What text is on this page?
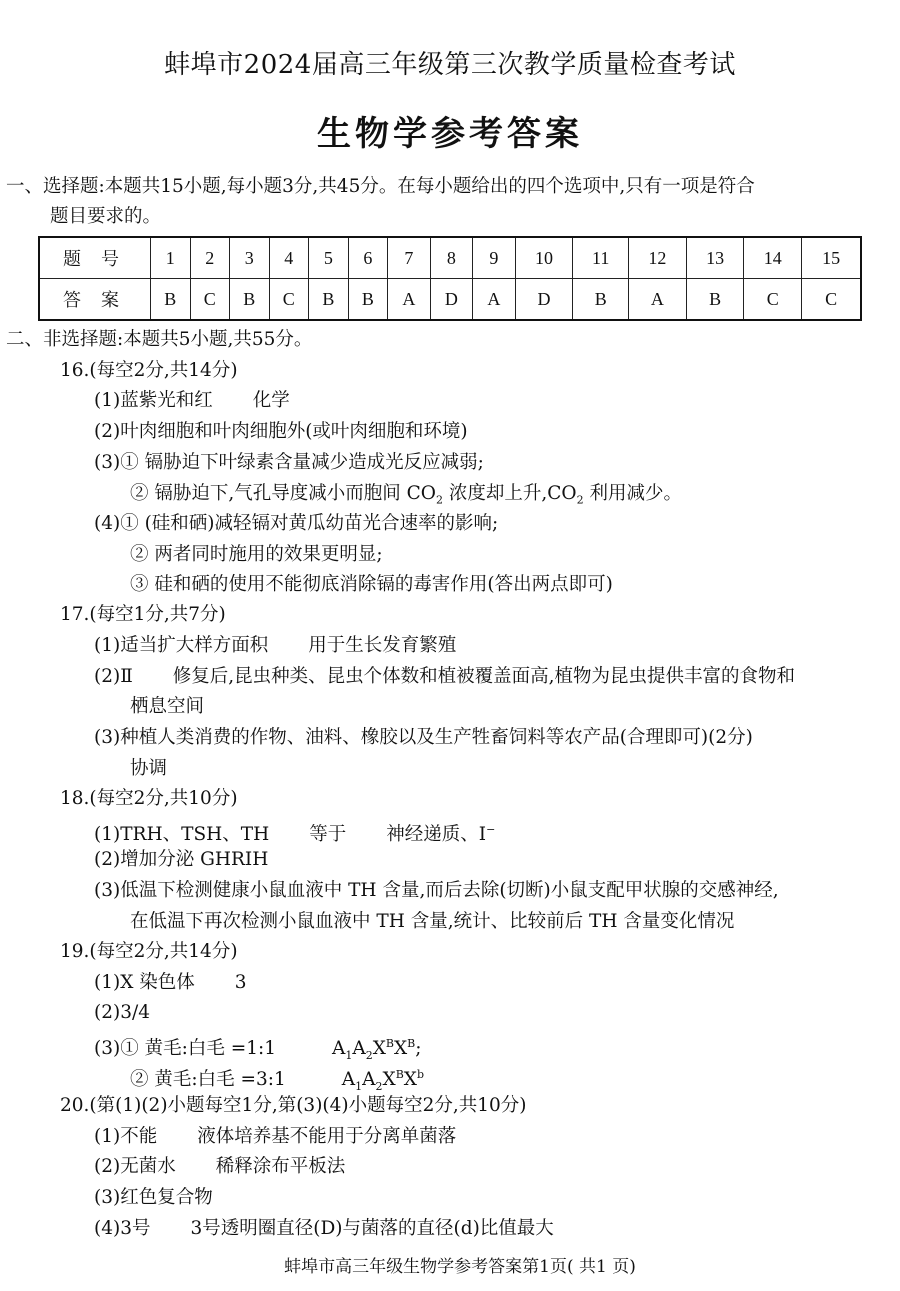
蚌埠市2024届高三年级第三次教学质量检查考试
生物学参考答案
一、选择题:本题共15小题,每小题3分,共45分。在每小题给出的四个选项中,只有一项是符合
题目要求的。
题号	1	2	3	4	5	6	7	8	9	10	11	12	13	14	15
答案	B	C	B	C	B	B	A	D	A	D	B	A	B	C	C
二、非选择题:本题共5小题,共55分。
16.(每空2分,共14分)
(1)蓝紫光和红 化学
(2)叶肉细胞和叶肉细胞外(或叶肉细胞和环境)
(3)① 镉胁迫下叶绿素含量减少造成光反应减弱;
② 镉胁迫下,气孔导度减小而胞间 $CO_2$ 浓度却上升$,CO_2$ 利用减少。
(4)① (硅和硒)减轻镉对黄瓜幼苗光合速率的影响;
② 两者同时施用的效果更明显;
③ 硅和硒的使用不能彻底消除镉的毒害作用(答出两点即可)
17.(每空1分,共7分)
(1)适当扩大样方面积 用于生长发育繁殖
(2)Ⅱ 修复后,昆虫种类、昆虫个体数和植被覆盖面高,植物为昆虫提供丰富的食物和
栖息空间
(3)种植人类消费的作物、油料、橡胶以及生产牲畜饲料等农产品(合理即可)(2分)
协调
18.(每空2分,共10分)
(1)TRH、TSH、TH 等于 神经递质、I−
(2)增加分泌 GHRIH
(3)低温下检测健康小鼠血液中 TH 含量,而后去除(切断)小鼠支配甲状腺的交感神经,
在低温下再次检测小鼠血液中 TH 含量,统计、比较前后 TH 含量变化情况
19.(每空2分,共14分)
(1)X 染色体 3
(2)3/4
(3)① 黄毛:白毛 =1:1	$A_1A_2X^BX^B$;
② 黄毛:白毛 =3:1	$A_1A_2X^BX^b$
20.(第(1)(2)小题每空1分,第(3)(4)小题每空2分,共10分)
(1)不能 液体培养基不能用于分离单菌落
(2)无菌水 稀释涂布平板法
(3)红色复合物
(4)3号 3号透明圈直径(D)与菌落的直径(d)比值最大
蚌埠市高三年级生物学参考答案第1页( 共1 页)
